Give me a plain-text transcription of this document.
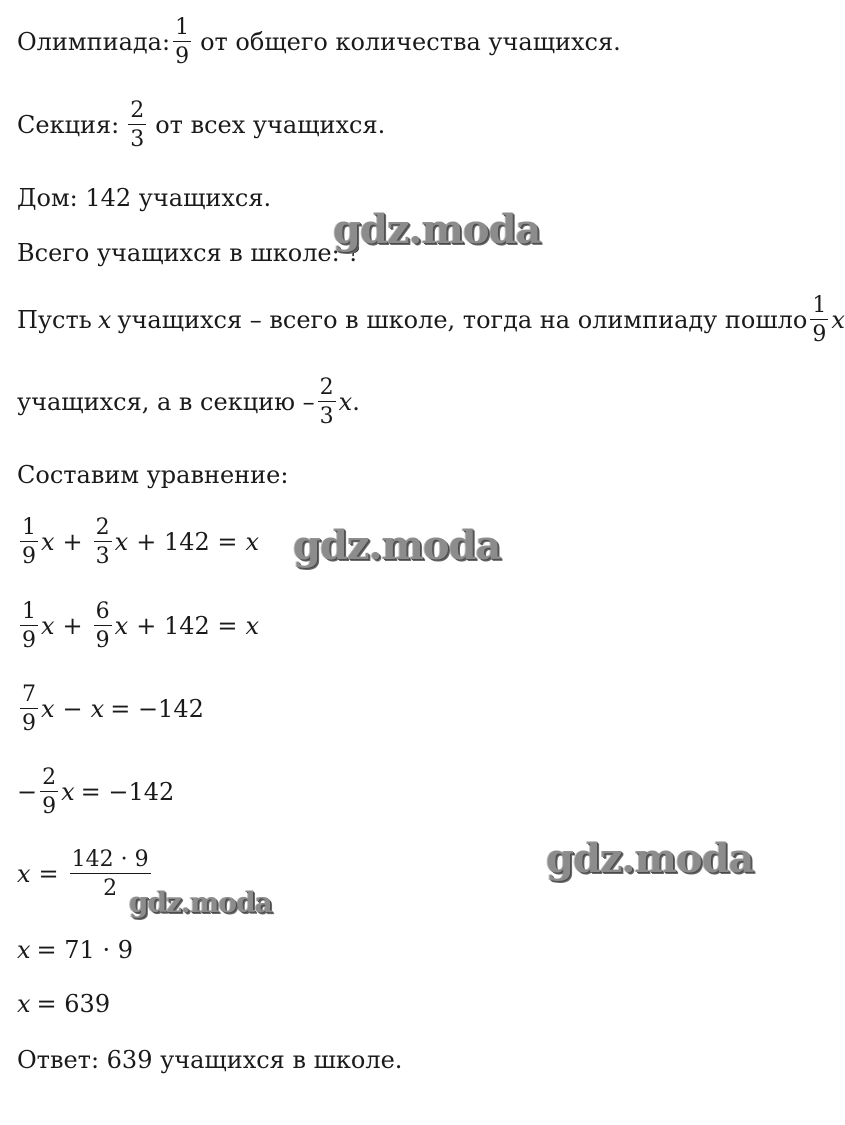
Олимпиада: $\frac{1}{9}$ от общего количества учащихся.
Секция: $\frac{2}{3}$ от всех учащихся.
Дом: 142 учащихся.
Всего учащихся в школе: ?
Пусть x учащихся – всего в школе, тогда на олимпиаду пошло $\frac{1}{9}$ x
учащихся, а в секцию – $\frac{2}{3}$ x .
Составим уравнение:
$\frac{1}{9}$ $x + \frac{2}{3}$ x + 142 = x
$\frac{1}{9}$ $x + \frac{6}{9}$ x + 142 = x
$\frac{7}{9}$ x − x = −142
− $\frac{2}{9}$ x = −142
$x = \frac{142 \cdot 9}{2}$
x = 71 · 9
x = 639
Ответ: 639 учащихся в школе.
gdz.moda
gdz.moda
gdz.moda
gdz.moda
